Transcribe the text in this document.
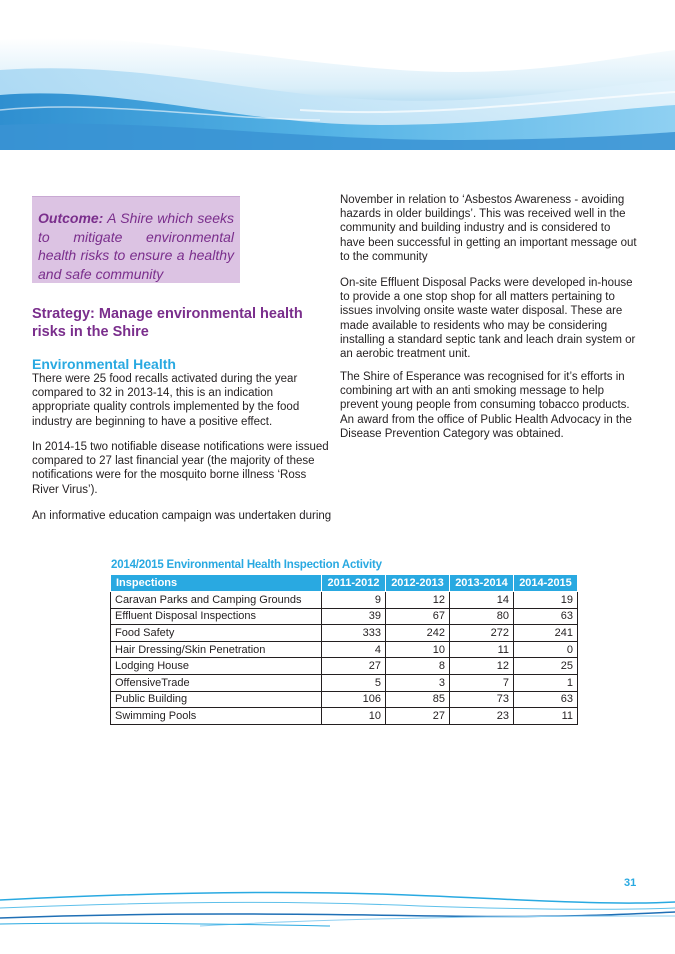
Outcome: A Shire which seeks to mitigate environmental health risks to ensure a healthy and safe community

Strategy: Manage environmental health risks in the Shire
Environmental Health

There were 25 food recalls activated during the year compared to 32 in 2013-14, this is an indication appropriate quality controls implemented by the food industry are beginning to have a positive effect.

In 2014-15 two notifiable disease notifications were issued compared to 27 last financial year (the majority of these notifications were for the mosquito borne illness ‘Ross River Virus’).

An informative education campaign was undertaken during

November in relation to ‘Asbestos Awareness - avoiding hazards in older buildings’. This was received well in the community and building industry and is considered to have been successful in getting an important message out to the community

On-site Effluent Disposal Packs were developed in-house to provide a one stop shop for all matters pertaining to issues involving onsite waste water disposal. These are made available to residents who may be considering installing a standard septic tank and leach drain system or an aerobic treatment unit.

The Shire of Esperance was recognised for it’s efforts in combining art with an anti smoking message to help prevent young people from consuming tobacco products. An award from the office of Public Health Advocacy in the Disease Prevention Category was obtained.

2014/2015 Environmental Health Inspection Activity

Inspections	2011-2012	2012-2013	2013-2014	2014-2015
Caravan Parks and Camping Grounds	9	12	14	19
Effluent Disposal Inspections	39	67	80	63
Food Safety	333	242	272	241
Hair Dressing/Skin Penetration	4	10	11	0
Lodging House	27	8	12	25
OffensiveTrade	5	3	7	1
Public Building	106	85	73	63
Swimming Pools	10	27	23	11

31
